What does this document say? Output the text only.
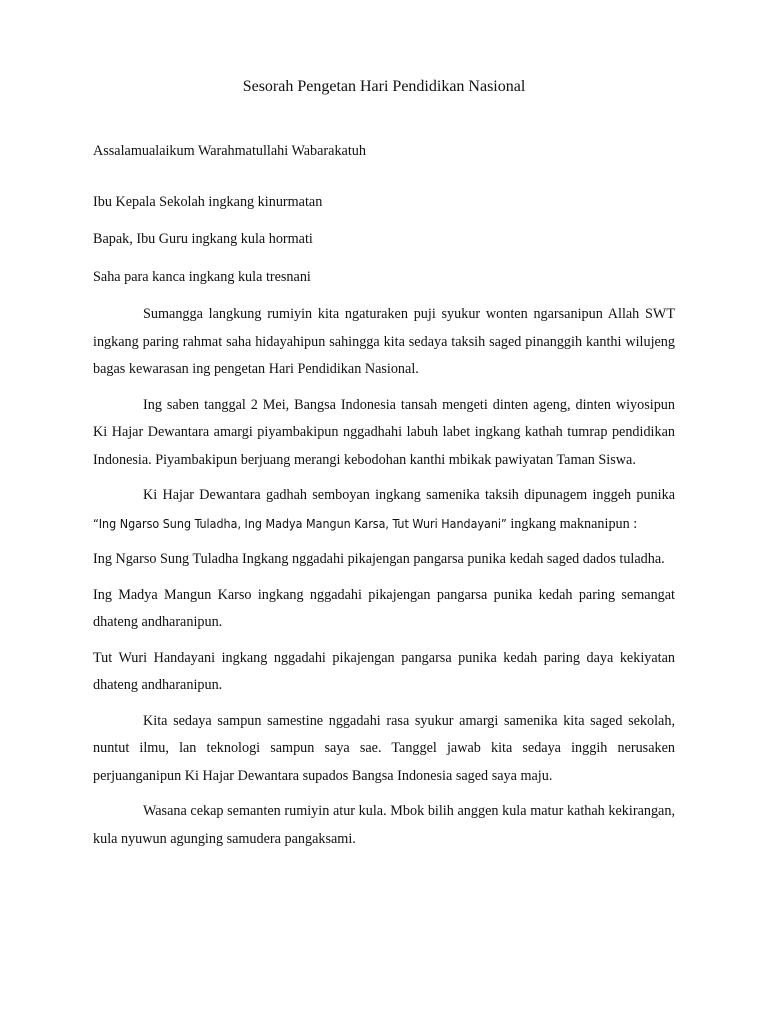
Sesorah Pengetan Hari Pendidikan Nasional

Assalamualaikum Warahmatullahi Wabarakatuh

Ibu Kepala Sekolah ingkang kinurmatan

Bapak, Ibu Guru ingkang kula hormati

Saha para kanca ingkang kula tresnani

Sumangga langkung rumiyin kita ngaturaken puji syukur wonten ngarsanipun Allah SWT ingkang paring rahmat saha hidayahipun sahingga kita sedaya taksih saged pinanggih kanthi wilujeng bagas kewarasan ing pengetan Hari Pendidikan Nasional.

Ing saben tanggal 2 Mei, Bangsa Indonesia tansah mengeti dinten ageng, dinten wiyosipun Ki Hajar Dewantara amargi piyambakipun nggadhahi labuh labet ingkang kathah tumrap pendidikan Indonesia. Piyambakipun berjuang merangi kebodohan kanthi mbikak pawiyatan Taman Siswa.

Ki Hajar Dewantara gadhah semboyan ingkang samenika taksih dipunagem inggeh punika “Ing Ngarso Sung Tuladha, Ing Madya Mangun Karsa, Tut Wuri Handayani” ingkang maknanipun :

Ing Ngarso Sung Tuladha Ingkang nggadahi pikajengan pangarsa punika kedah saged dados tuladha.

Ing Madya Mangun Karso ingkang nggadahi pikajengan pangarsa punika kedah paring semangat dhateng andharanipun.

Tut Wuri Handayani ingkang nggadahi pikajengan pangarsa punika kedah paring daya kekiyatan dhateng andharanipun.

Kita sedaya sampun samestine nggadahi rasa syukur amargi samenika kita saged sekolah, nuntut ilmu, lan teknologi sampun saya sae. Tanggel jawab kita sedaya inggih nerusaken perjuanganipun Ki Hajar Dewantara supados Bangsa Indonesia saged saya maju.

Wasana cekap semanten rumiyin atur kula. Mbok bilih anggen kula matur kathah kekirangan, kula nyuwun agunging samudera pangaksami.
